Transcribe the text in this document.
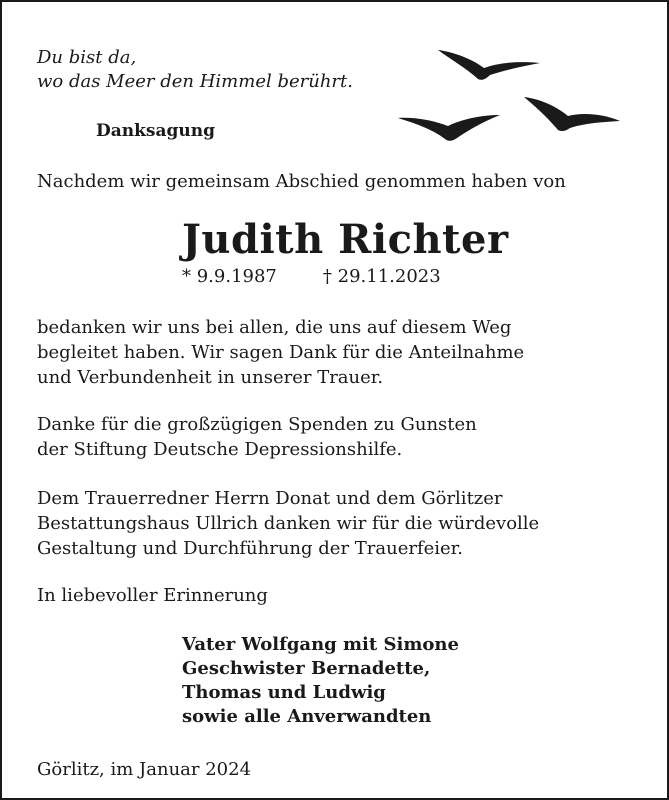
Du bist da,
wo das Meer den Himmel berührt.
Danksagung
Nachdem wir gemeinsam Abschied genommen haben von
Judith Richter
* 9.9.1987	† 29.11.2023
bedanken wir uns bei allen, die uns auf diesem Weg
begleitet haben. Wir sagen Dank für die Anteilnahme
und Verbundenheit in unserer Trauer.
Danke für die großzügigen Spenden zu Gunsten
der Stiftung Deutsche Depressionshilfe.
Dem Trauerredner Herrn Donat und dem Görlitzer
Bestattungshaus Ullrich danken wir für die würdevolle
Gestaltung und Durchführung der Trauerfeier.
In liebevoller Erinnerung
Vater Wolfgang mit Simone
Geschwister Bernadette,
Thomas und Ludwig
sowie alle Anverwandten
Görlitz, im Januar 2024
